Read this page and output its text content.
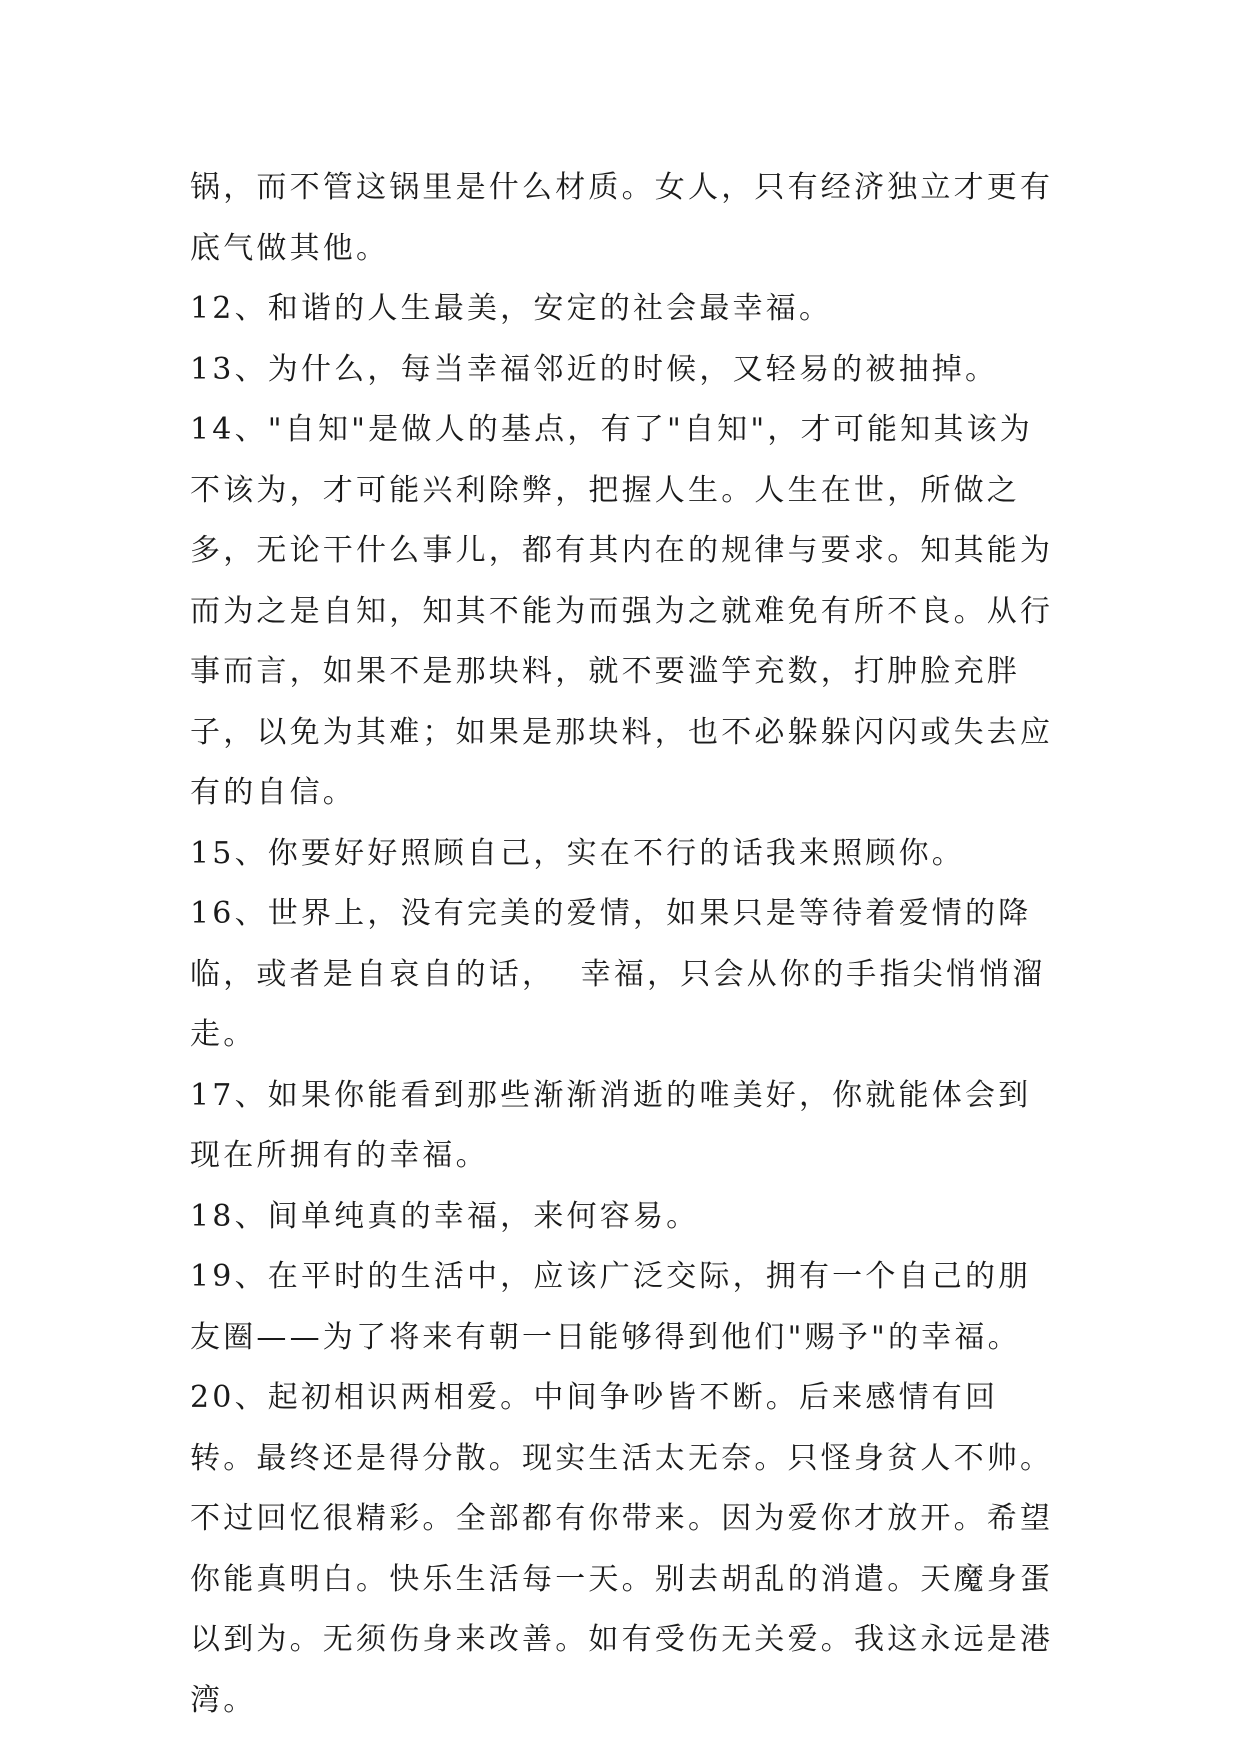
锅，而不管这锅里是什么材质。女人，只有经济独立才更有底气做其他。

12、和谐的人生最美，安定的社会最幸福。

13、为什么，每当幸福邻近的时候，又轻易的被抽掉。

14、"自知"是做人的基点，有了"自知"，才可能知其该为不该为，才可能兴利除弊，把握人生。人生在世，所做之多，无论干什么事儿，都有其内在的规律与要求。知其能为而为之是自知，知其不能为而强为之就难免有所不良。从行事而言，如果不是那块料，就不要滥竽充数，打肿脸充胖子，以免为其难；如果是那块料，也不必躲躲闪闪或失去应有的自信。

15、你要好好照顾自己，实在不行的话我来照顾你。

16、世界上，没有完美的爱情，如果只是等待着爱情的降临，或者是自哀自的话，  幸福，只会从你的手指尖悄悄溜走。

17、如果你能看到那些渐渐消逝的唯美好，你就能体会到现在所拥有的幸福。

18、间单纯真的幸福，来何容易。

19、在平时的生活中，应该广泛交际，拥有一个自己的朋友圈——为了将来有朝一日能够得到他们"赐予"的幸福。

20、起初相识两相爱。中间争吵皆不断。后来感情有回转。最终还是得分散。现实生活太无奈。只怪身贫人不帅。不过回忆很精彩。全部都有你带来。因为爱你才放开。希望你能真明白。快乐生活每一天。别去胡乱的消遣。天魔身蛋以到为。无须伤身来改善。如有受伤无关爱。我这永远是港湾。
